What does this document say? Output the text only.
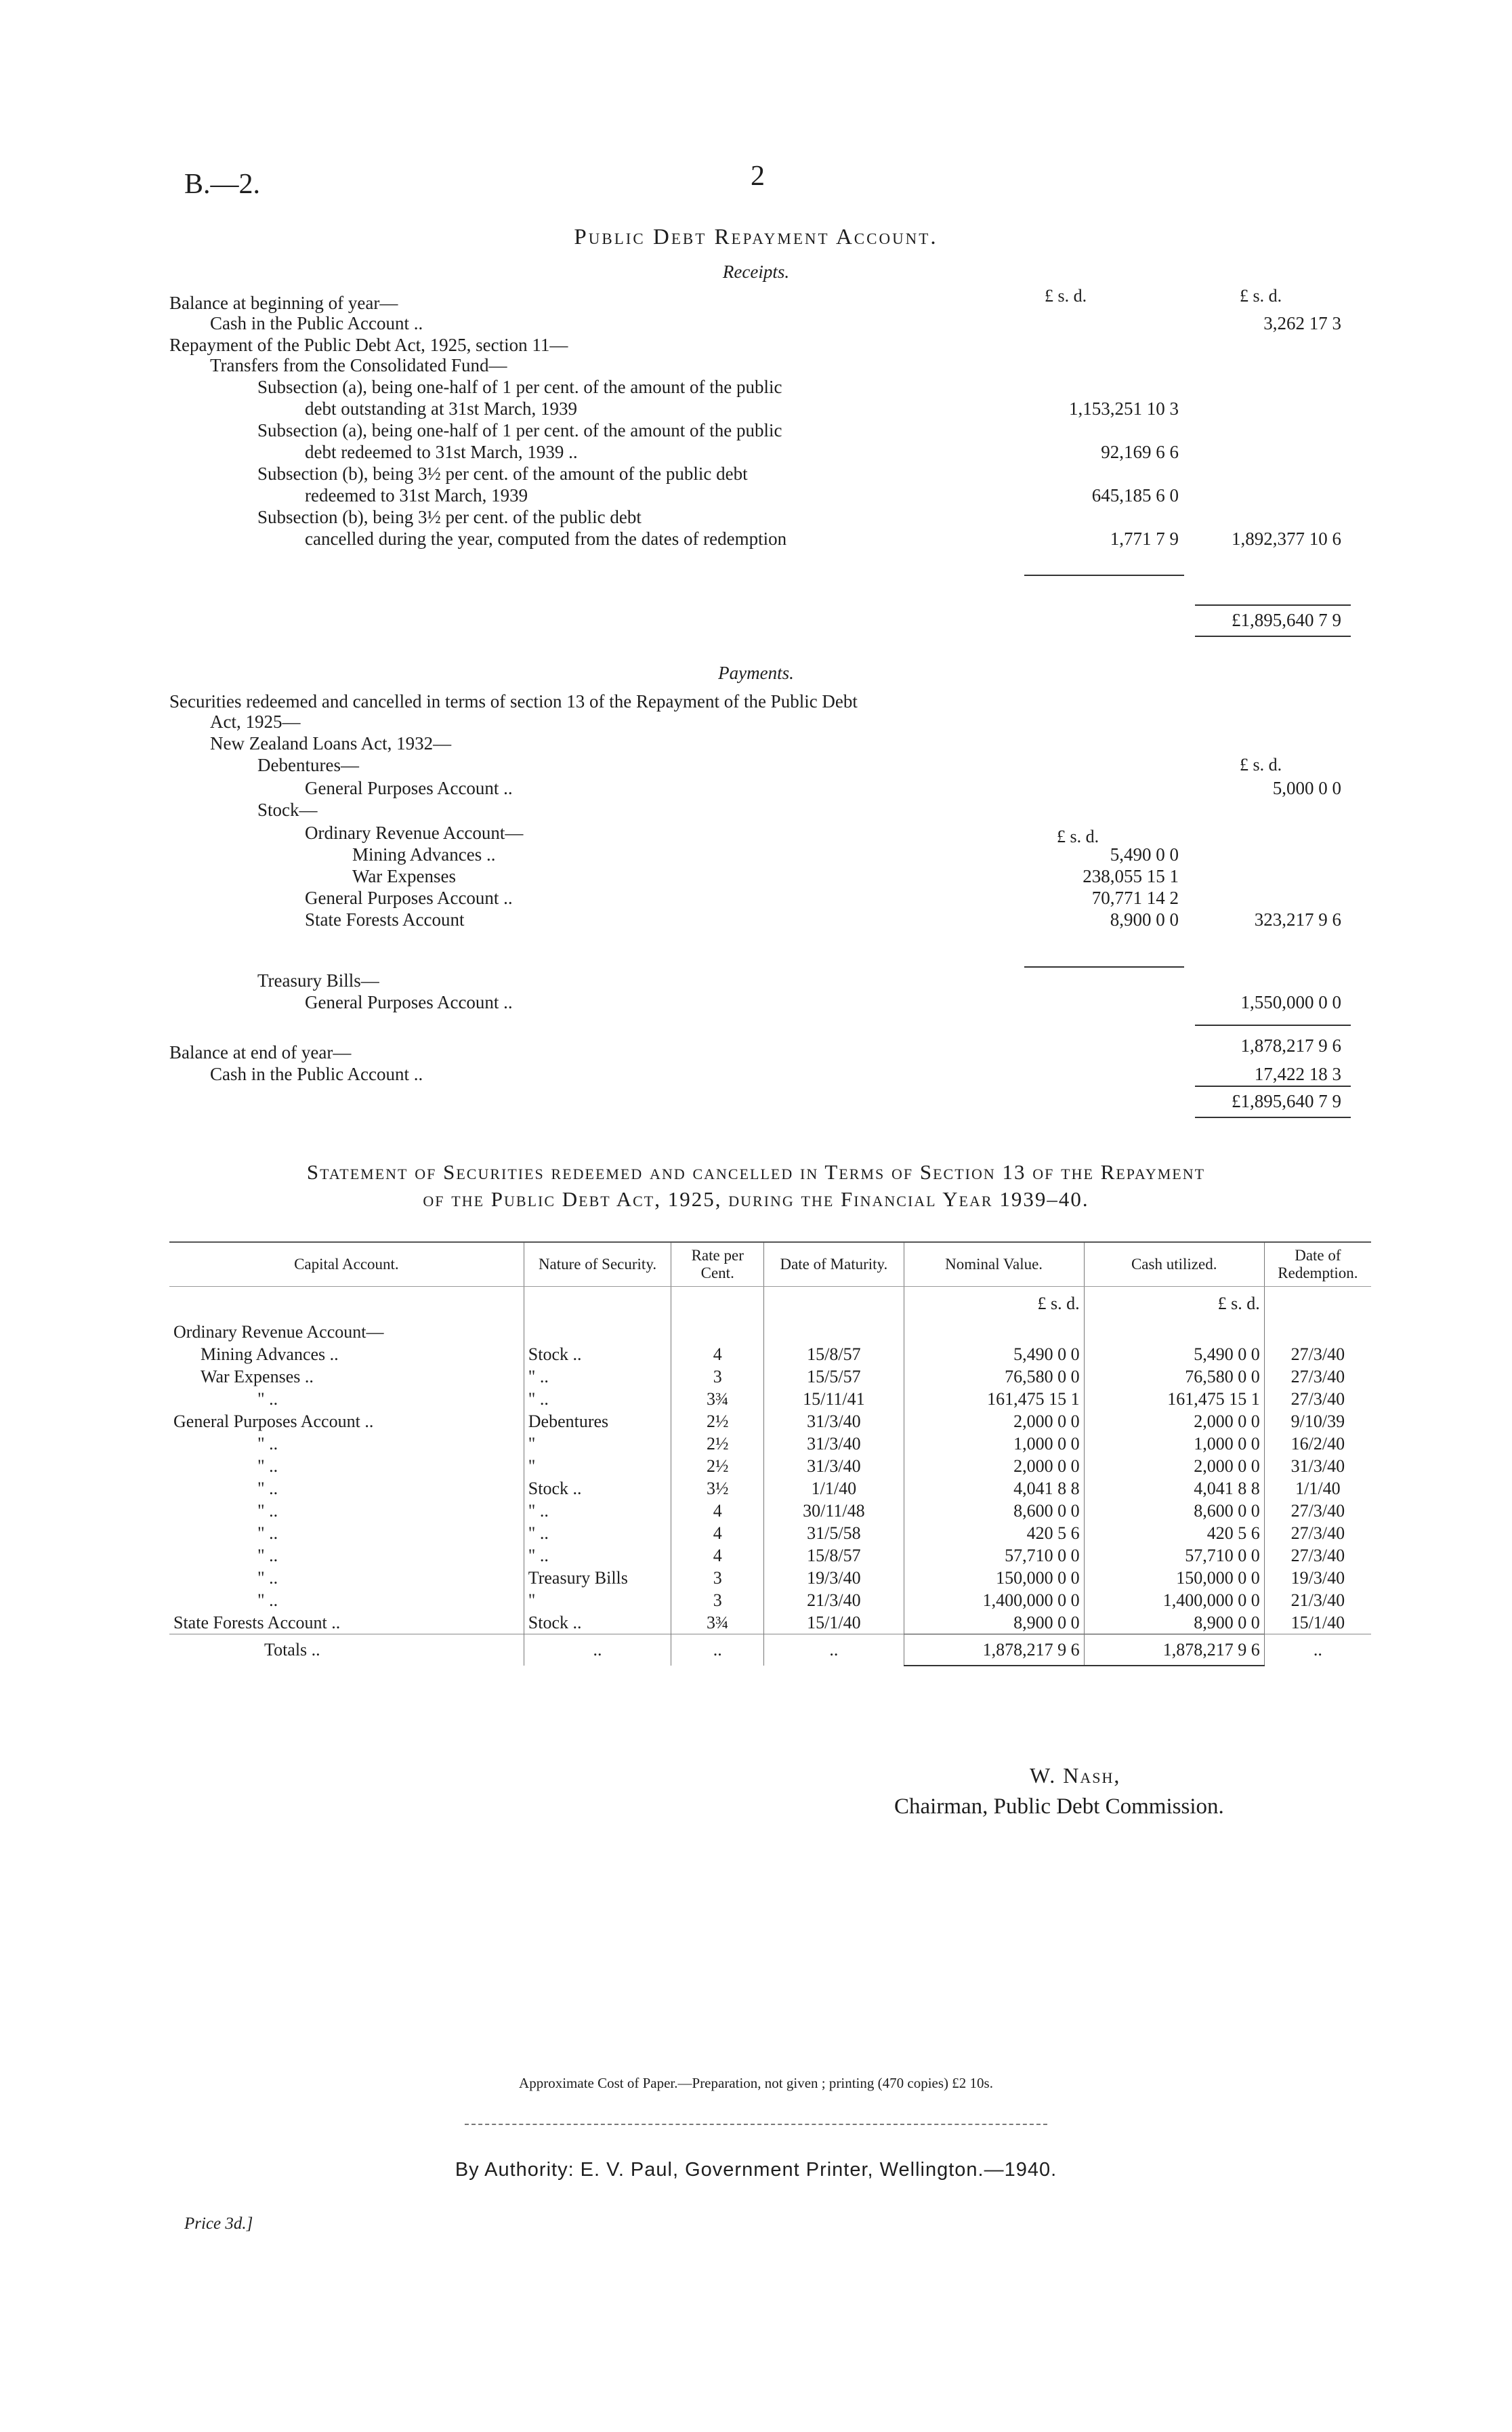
B.—2.	2
Public Debt Repayment Account.
Receipts.
£ s. d.	£ s. d.
Balance at beginning of year—
Cash in the Public Account ..	3,262 17 3
Repayment of the Public Debt Act, 1925, section 11—
Transfers from the Consolidated Fund—
Subsection (a), being one-half of 1 per cent. of the amount of the public
debt outstanding at 31st March, 1939	1,153,251 10 3
Subsection (a), being one-half of 1 per cent. of the amount of the public
debt redeemed to 31st March, 1939 ..	92,169 6 6
Subsection (b), being 3½ per cent. of the amount of the public debt
redeemed to 31st March, 1939	645,185 6 0
Subsection (b), being 3½ per cent. of the public debt
cancelled during the year, computed from the dates of redemption	1,771 7 9	1,892,377 10 6
£1,895,640 7 9
Payments.
£ s. d.
£ s. d.
Securities redeemed and cancelled in terms of section 13 of the Repayment of the Public Debt
Act, 1925—
New Zealand Loans Act, 1932—
Debentures—
General Purposes Account ..	5,000 0 0
Stock—
Ordinary Revenue Account—
Mining Advances ..	5,490 0 0
War Expenses	238,055 15 1
General Purposes Account ..	70,771 14 2
State Forests Account	8,900 0 0	323,217 9 6
Treasury Bills—
General Purposes Account ..	1,550,000 0 0
1,878,217 9 6
Balance at end of year—
Cash in the Public Account ..	17,422 18 3
£1,895,640 7 9
Statement of Securities redeemed and cancelled in Terms of Section 13 of the Repayment
of the Public Debt Act, 1925, during the Financial Year 1939–40.
Capital Account.	Nature of Security.	Rate per Cent.	Date of Maturity.	Nominal Value.	Cash utilized.	Date of Redemption.
				£ s. d.	£ s. d.	
Ordinary Revenue Account—						
Mining Advances ..	Stock ..	4	15/8/57	5,490 0 0	5,490 0 0	27/3/40
War Expenses ..	" ..	3	15/5/57	76,580 0 0	76,580 0 0	27/3/40
" ..	" ..	3¾	15/11/41	161,475 15 1	161,475 15 1	27/3/40
General Purposes Account ..	Debentures	2½	31/3/40	2,000 0 0	2,000 0 0	9/10/39
" ..	"	2½	31/3/40	1,000 0 0	1,000 0 0	16/2/40
" ..	"	2½	31/3/40	2,000 0 0	2,000 0 0	31/3/40
" ..	Stock ..	3½	1/1/40	4,041 8 8	4,041 8 8	1/1/40
" ..	" ..	4	30/11/48	8,600 0 0	8,600 0 0	27/3/40
" ..	" ..	4	31/5/58	420 5 6	420 5 6	27/3/40
" ..	" ..	4	15/8/57	57,710 0 0	57,710 0 0	27/3/40
" ..	Treasury Bills	3	19/3/40	150,000 0 0	150,000 0 0	19/3/40
" ..	"	3	21/3/40	1,400,000 0 0	1,400,000 0 0	21/3/40
State Forests Account ..	Stock ..	3¾	15/1/40	8,900 0 0	8,900 0 0	15/1/40
Totals ..	..	..	..	1,878,217 9 6	1,878,217 9 6	..
W. Nash,
Chairman, Public Debt Commission.
Approximate Cost of Paper.—Preparation, not given ; printing (470 copies) £2 10s.
By Authority: E. V. Paul, Government Printer, Wellington.—1940.
Price 3d.]
